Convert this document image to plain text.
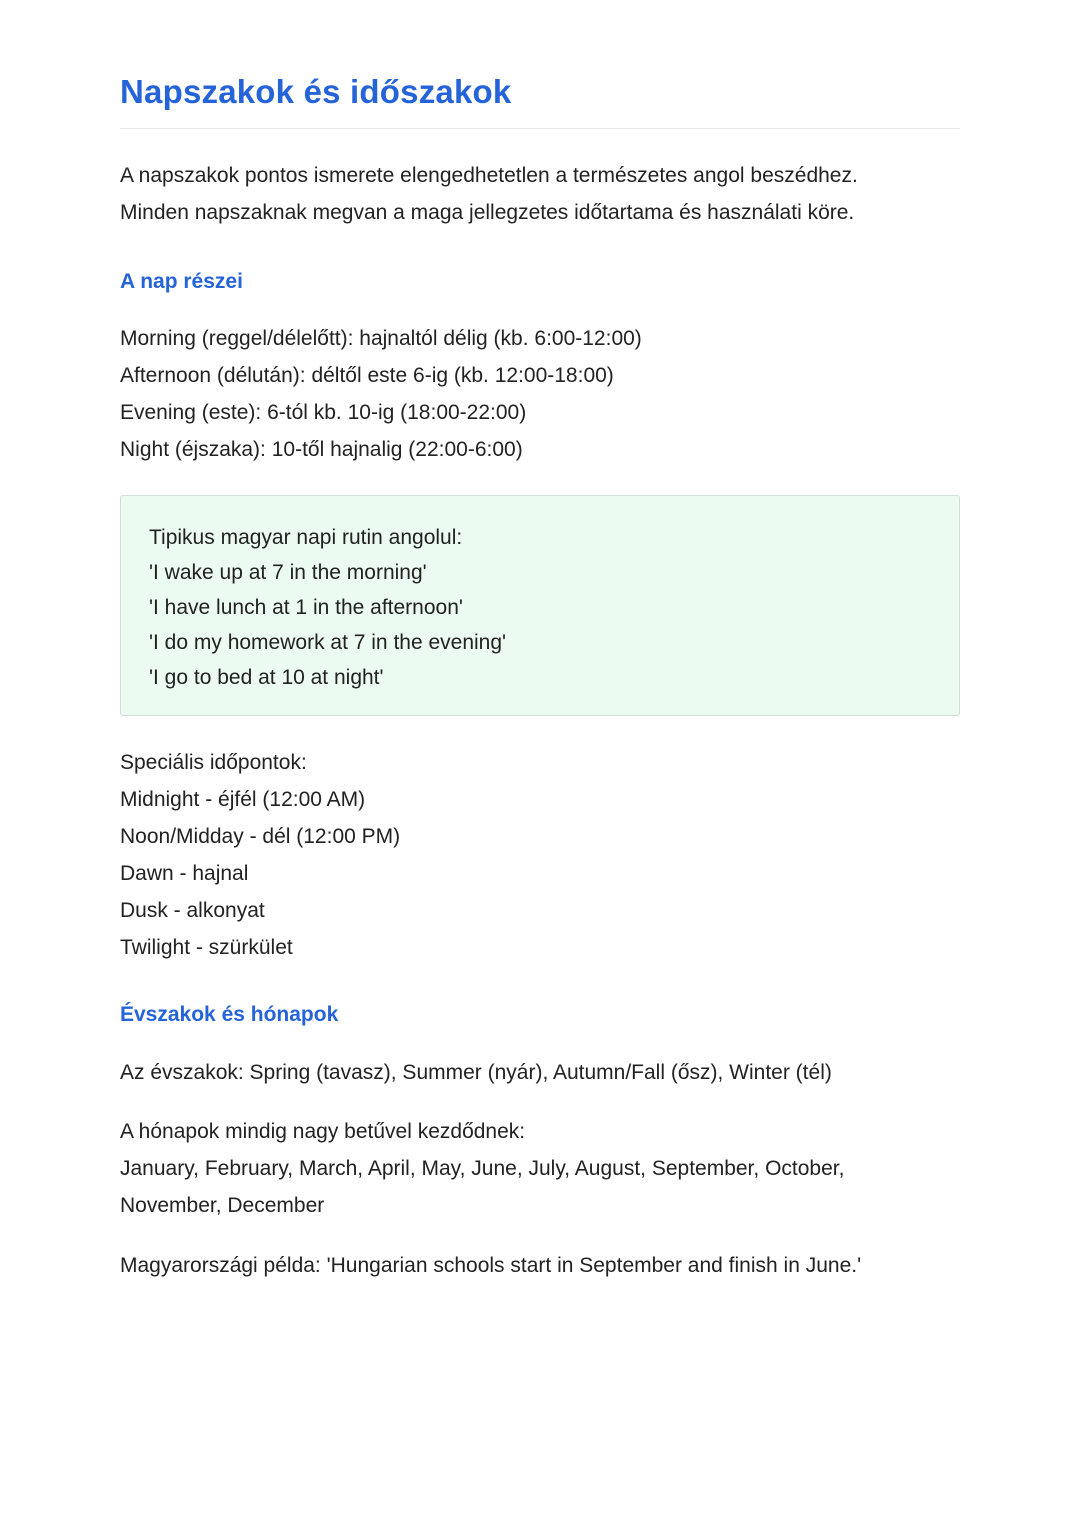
Napszakok és időszakok
A napszakok pontos ismerete elengedhetetlen a természetes angol beszédhez.
Minden napszaknak megvan a maga jellegzetes időtartama és használati köre.
A nap részei
Morning (reggel/délelőtt): hajnaltól délig (kb. 6:00-12:00)
Afternoon (délután): déltől este 6-ig (kb. 12:00-18:00)
Evening (este): 6-tól kb. 10-ig (18:00-22:00)
Night (éjszaka): 10-től hajnalig (22:00-6:00)
Tipikus magyar napi rutin angolul:
'I wake up at 7 in the morning'
'I have lunch at 1 in the afternoon'
'I do my homework at 7 in the evening'
'I go to bed at 10 at night'
Speciális időpontok:
Midnight - éjfél (12:00 AM)
Noon/Midday - dél (12:00 PM)
Dawn - hajnal
Dusk - alkonyat
Twilight - szürkület
Évszakok és hónapok
Az évszakok: Spring (tavasz), Summer (nyár), Autumn/Fall (ősz), Winter (tél)
A hónapok mindig nagy betűvel kezdődnek:
January, February, March, April, May, June, July, August, September, October,
November, December
Magyarországi példa: 'Hungarian schools start in September and finish in June.'
